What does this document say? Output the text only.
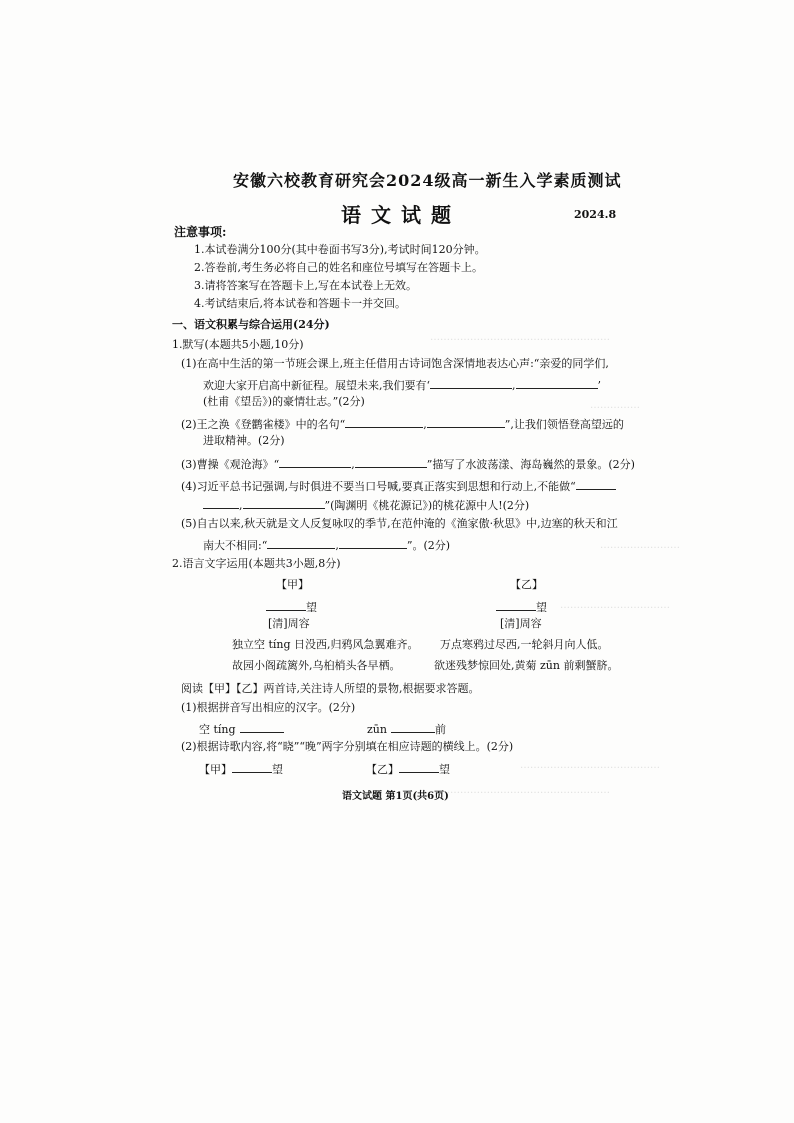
………………………………………………
……………
……………………
……………………………
……………………………………
……………………………………………
安徽六校教育研究会2024级高一新生入学素质测试
语文试题	2024.8
注意事项:
1.本试卷满分100分(其中卷面书写3分),考试时间120分钟。
2.答卷前,考生务必将自己的姓名和座位号填写在答题卡上。
3.请将答案写在答题卡上,写在本试卷上无效。
4.考试结束后,将本试卷和答题卡一并交回。
一、语文积累与综合运用(24分)
1.默写(本题共5小题,10分)
(1)在高中生活的第一节班会课上,班主任借用古诗词饱含深情地表达心声:“亲爱的同学们,
欢迎大家开启高中新征程。展望未来,我们要有‘	,	’
(杜甫《望岳》)的豪情壮志。”(2分)
(2)王之涣《登鹳雀楼》中的名句“	,	”,让我们领悟登高望远的
进取精神。(2分)
(3)曹操《观沧海》“	,	”描写了水波荡漾、海岛巍然的景象。(2分)
(4)习近平总书记强调,与时俱进不要当口号喊,要真正落实到思想和行动上,不能做“
,	”(陶渊明《桃花源记》)的桃花源中人!(2分)
(5)自古以来,秋天就是文人反复咏叹的季节,在范仲淹的《渔家傲·秋思》中,边塞的秋天和江
南大不相同:“	,	”。(2分)
2.语言文字运用(本题共3小题,8分)
【甲】
望
[清]周容
独立空 tíng 日没西,归鸦风急翼难齐。
故园小阁疏篱外,乌桕梢头各早栖。
【乙】
望
[清]周容
万点寒鸦过尽西,一轮斜月向人低。
欲迷残梦惊回处,黄菊 zūn 前剩蟹脐。
阅读【甲】【乙】两首诗,关注诗人所望的景物,根据要求答题。
(1)根据拼音写出相应的汉字。(2分)
空 tíng	zūn	前
(2)根据诗歌内容,将“晓”“晚”两字分别填在相应诗题的横线上。(2分)
【甲】	望	【乙】	望
语文试题 第1页(共6页)
